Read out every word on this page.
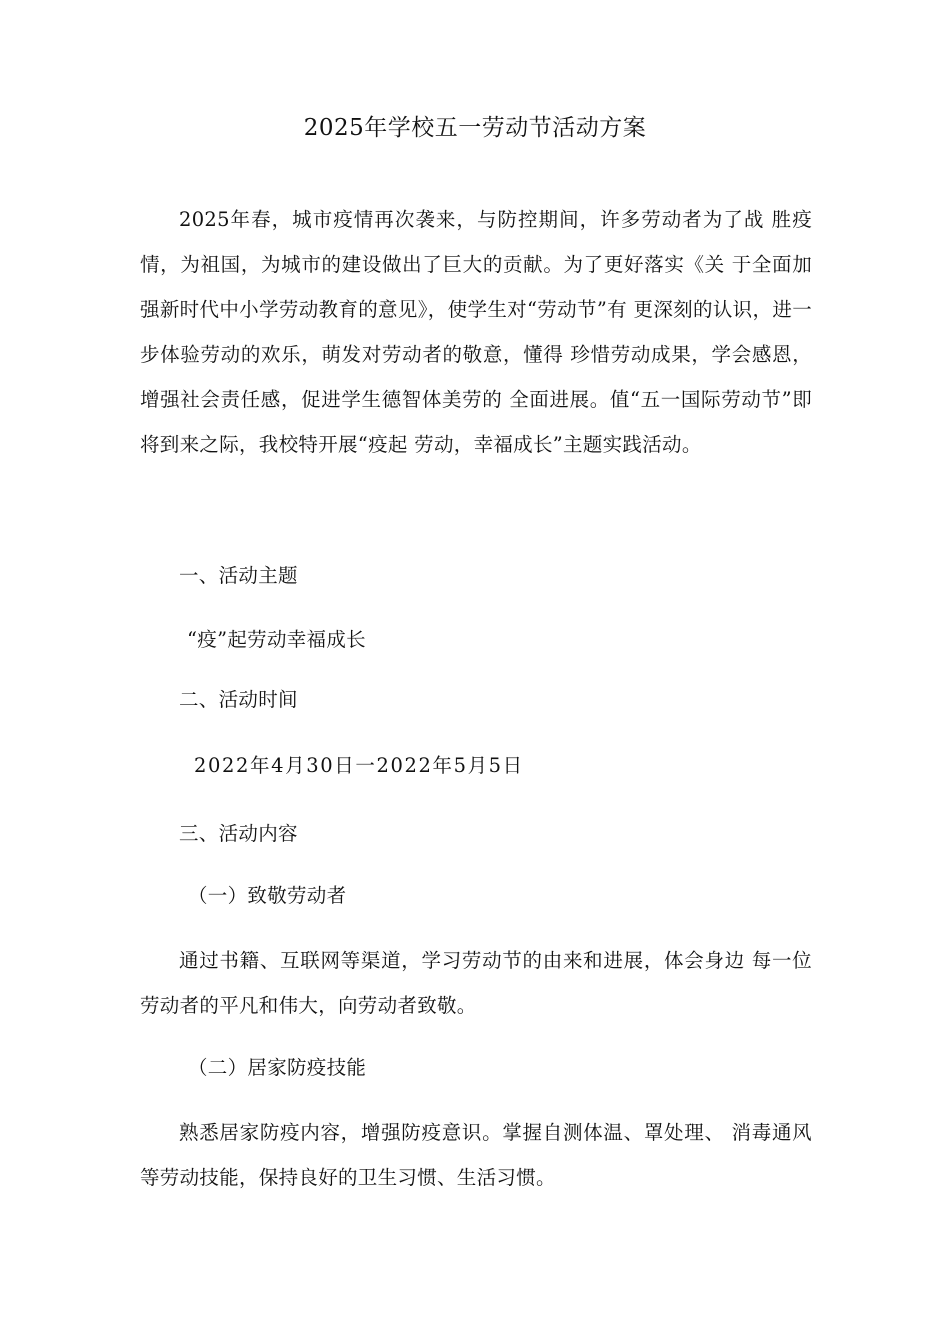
2025年学校五一劳动节活动方案

2025年春，城市疫情再次袭来，与防控期间，许多劳动者为了战 胜疫情，为祖国，为城市的建设做出了巨大的贡献。为了更好落实《关 于全面加强新时代中小学劳动教育的意见》，使学生对“劳动节”有 更深刻的认识，进一步体验劳动的欢乐，萌发对劳动者的敬意，懂得 珍惜劳动成果，学会感恩，增强社会责任感，促进学生德智体美劳的 全面进展。值“五一国际劳动节”即将到来之际，我校特开展“疫起 劳动，幸福成长”主题实践活动。

一、活动主题

“疫”起劳动幸福成长

二、活动时间

2022年4月30日一2022年5月5日

三、活动内容

（一）致敬劳动者

通过书籍、互联网等渠道，学习劳动节的由来和进展，体会身边 每一位劳动者的平凡和伟大，向劳动者致敬。

（二）居家防疫技能

熟悉居家防疫内容，增强防疫意识。掌握自测体温、罩处理、 消毒通风等劳动技能，保持良好的卫生习惯、生活习惯。
